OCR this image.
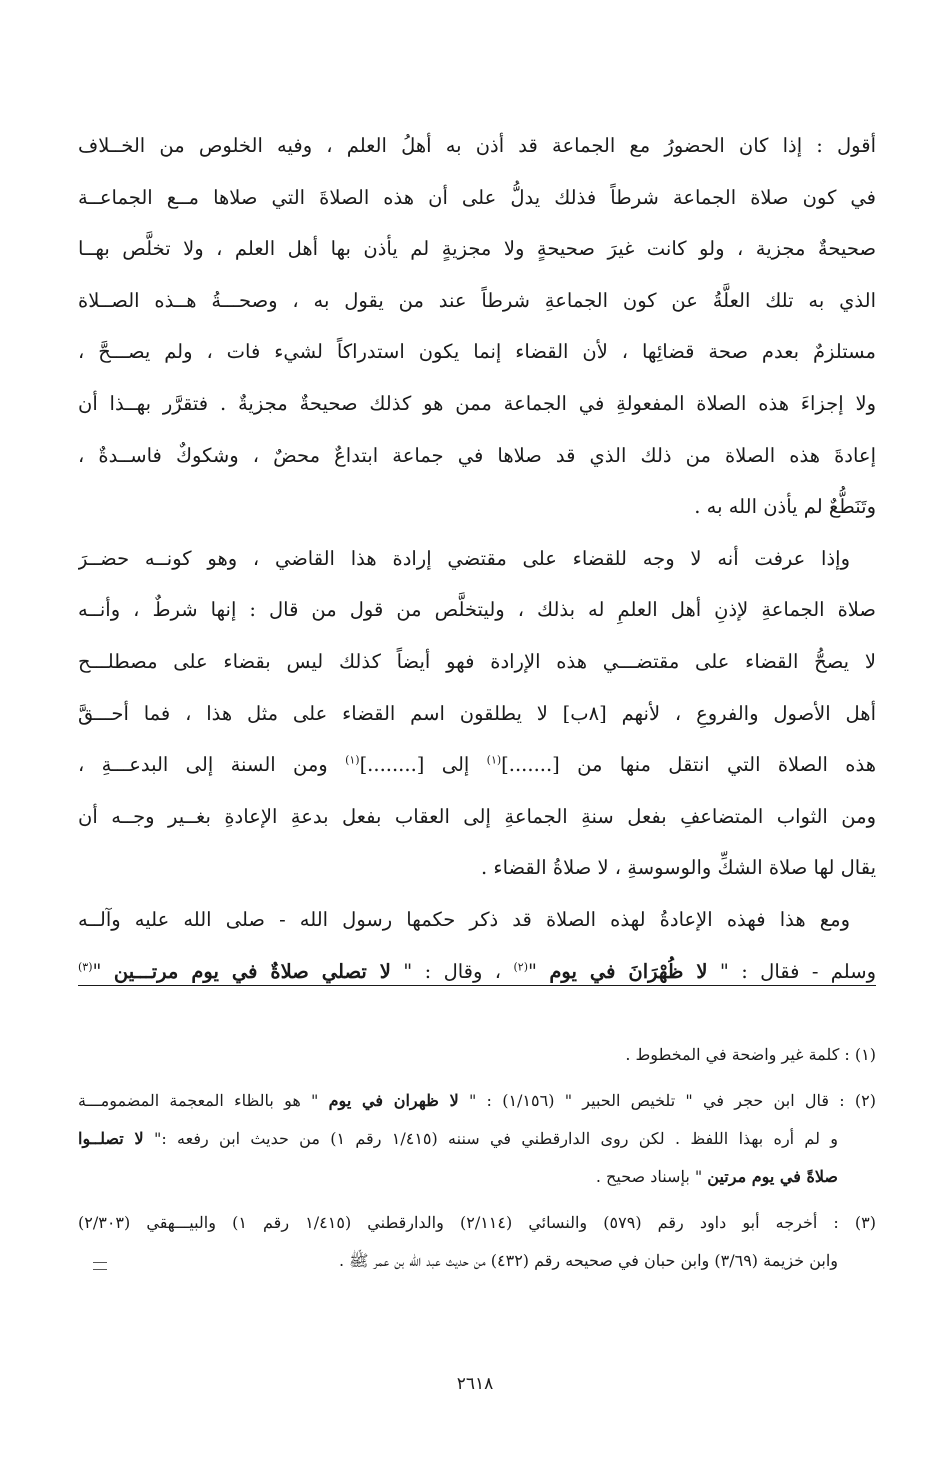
أقول : إذا كان الحضورُ مع الجماعة قد أذن به أهلُ العلم ، وفيه الخلوص من الخــلاف
في كون صلاة الجماعة شرطاً فذلك يدلُّ على أن هذه الصلاةَ التي صلاها مــع الجماعــة
صحيحةٌ مجزية ، ولو كانت غيرَ صحيحةٍ ولا مجزيةٍ لم يأذن بها أهل العلم ، ولا تخلَّص بهــا
الذي به تلك العلَّةُ عن كون الجماعةِ شرطاً عند من يقول به ، وصحـــةُ هــذه الصــلاة
مستلزمٌ بعدم صحة قضائِها ، لأن القضاء إنما يكون استدراكاً لشيء فات ، ولم يصـــحَّ ،
ولا إجزاءَ هذه الصلاة المفعولةِ في الجماعة ممن هو كذلك صحيحةٌ مجزيةٌ . فتقرَّر بهــذا أن
إعادةَ هذه الصلاة من ذلك الذي قد صلاها في جماعة ابتداعٌ محضٌ ، وشكوكٌ فاســدةٌ ،
وتَنَطُّعٌ لم يأذن الله به .
وإذا عرفت أنه لا وجه للقضاء على مقتضي إرادة هذا القاضي ، وهو كونــه حضــرَ
صلاة الجماعةِ لإذنِ أهل العلمِ له بذلك ، وليتخلَّص من قول من قال : إنها شرطٌ ، وأنــه
لا يصحُّ القضاء على مقتضـــي هذه الإرادة فهو أيضاً كذلك ليس بقضاء على مصطلـــح
أهل الأصول والفروعِ ، لأنهم [٨ب] لا يطلقون اسم القضاء على مثل هذا ، فما أحـــقَّ
هذه الصلاة التي انتقل منها من [.......]$^{(١)}$ إلى [........]$^{(١)}$ ومن السنة إلى البدعـــةِ ،
ومن الثواب المتضاعفِ بفعل سنةِ الجماعةِ إلى العقاب بفعل بدعةِ الإعادةِ بغــير وجــه أن
يقال لها صلاة الشكِّ والوسوسةِ ، لا صلاةُ القضاء .
ومع هذا فهذه الإعادةُ لهذه الصلاة قد ذكر حكمها رسول الله - صلى الله عليه وآلــه
وسلم - فقال : " لا ظُهْرَانَ في يوم "$^{(٢)}$ ، وقال : " لا تصلي صلاةٌ في يوم مرتـــين "$^{(٣)}$
(١) : كلمة غير واضحة في المخطوط .
(٢) : قال ابن حجر في " تلخيص الحبير " (١/١٥٦) : " لا ظهران في يوم " هو بالظاء المعجمة المضمومـــة
و لم أره بهذا اللفظ . لكن روى الدارقطني في سننه (١/٤١٥ رقم ١) من حديث ابن رفعه :" لا تصلــوا
صلاةً في يوم مرتين " بإسناد صحيح .
(٣) : أخرجه أبو داود رقم (٥٧٩) والنسائي (٢/١١٤) والدارقطني (١/٤١٥ رقم ١) والبيـــهقي (٢/٣٠٣)
وابن خزيمة (٣/٦٩) وابن حبان في صحيحه رقم (٤٣٢) من حديث عبد الله بن عمر ﷺ .
٢٦١٨
